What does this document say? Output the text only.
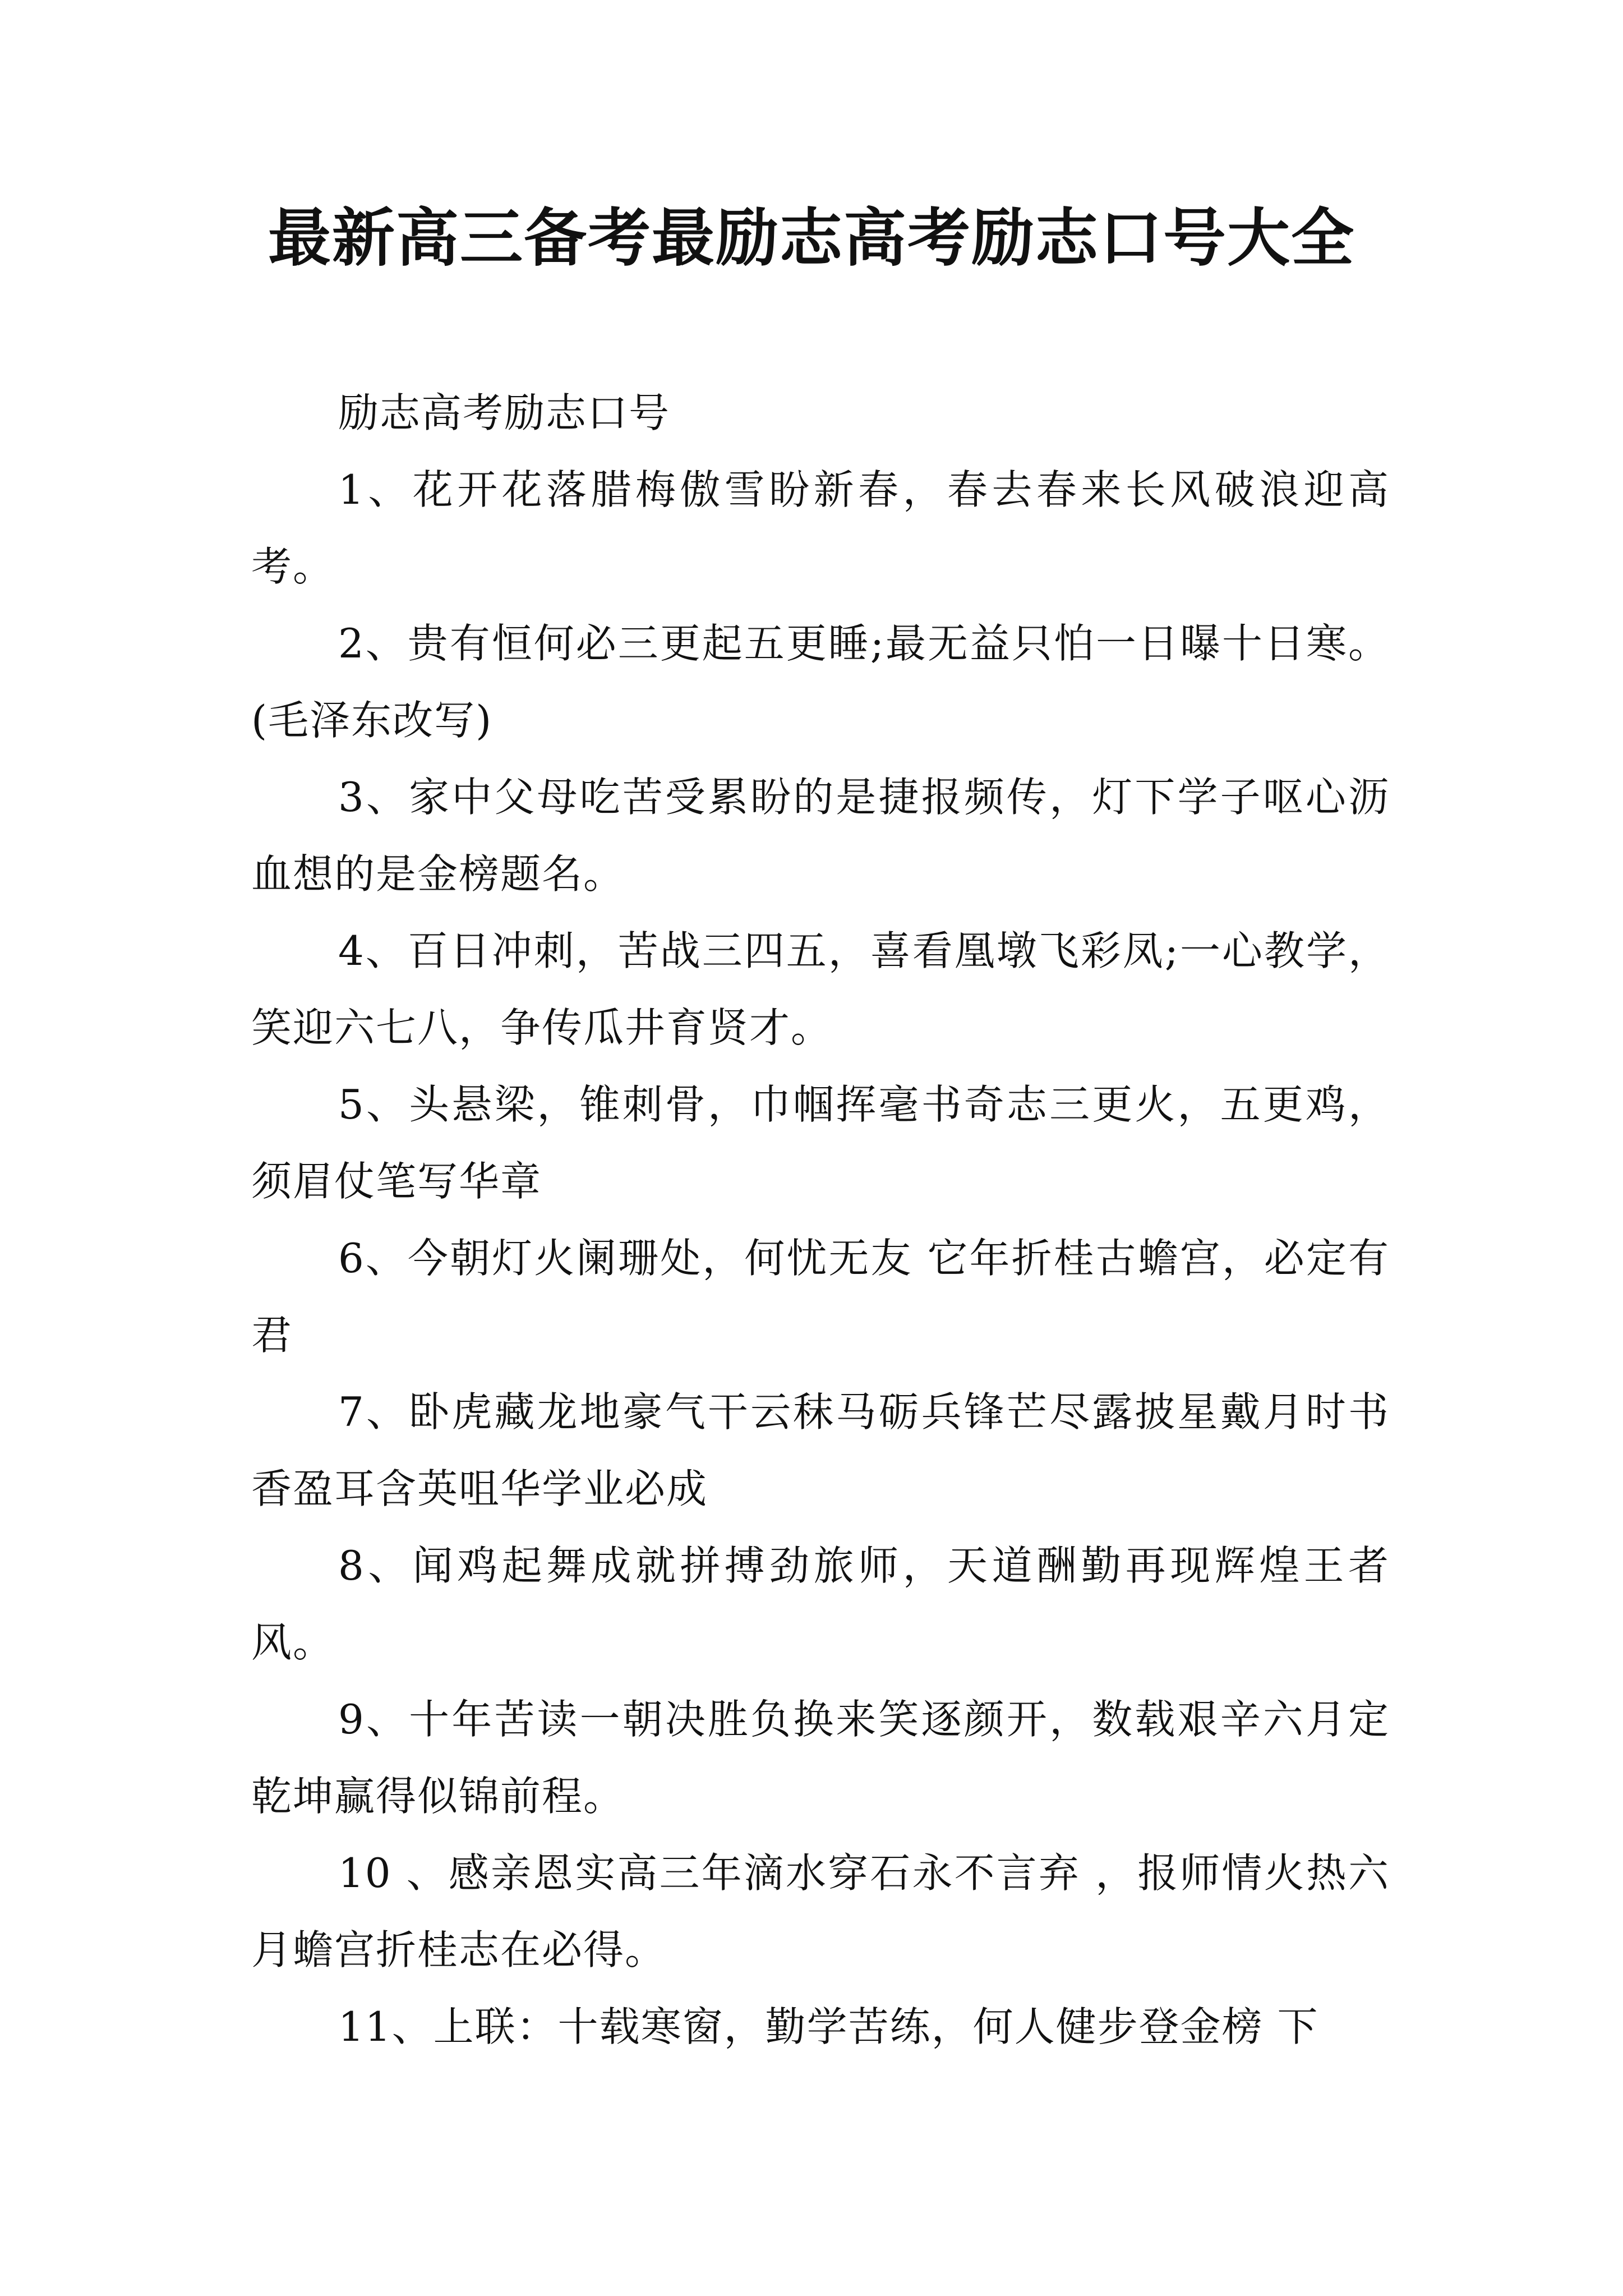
最新高三备考最励志高考励志口号大全

励志高考励志口号

1、花开花落腊梅傲雪盼新春，春去春来长风破浪迎高考。

2、贵有恒何必三更起五更睡;最无益只怕一日曝十日寒。(毛泽东改写)

3、家中父母吃苦受累盼的是捷报频传，灯下学子呕心沥血想的是金榜题名。

4、百日冲刺，苦战三四五，喜看凰墩飞彩凤;一心教学，笑迎六七八，争传瓜井育贤才。

5、头悬梁，锥刺骨，巾帼挥毫书奇志三更火，五更鸡，须眉仗笔写华章

6、今朝灯火阑珊处，何忧无友 它年折桂古蟾宫，必定有君

7、卧虎藏龙地豪气干云秣马砺兵锋芒尽露披星戴月时书香盈耳含英咀华学业必成

8、闻鸡起舞成就拼搏劲旅师，天道酬勤再现辉煌王者风。

9、十年苦读一朝决胜负换来笑逐颜开，数载艰辛六月定乾坤赢得似锦前程。

10 、感亲恩实高三年滴水穿石永不言弃 ，报师情火热六月蟾宫折桂志在必得。

11、上联：十载寒窗，勤学苦练，何人健步登金榜 下
